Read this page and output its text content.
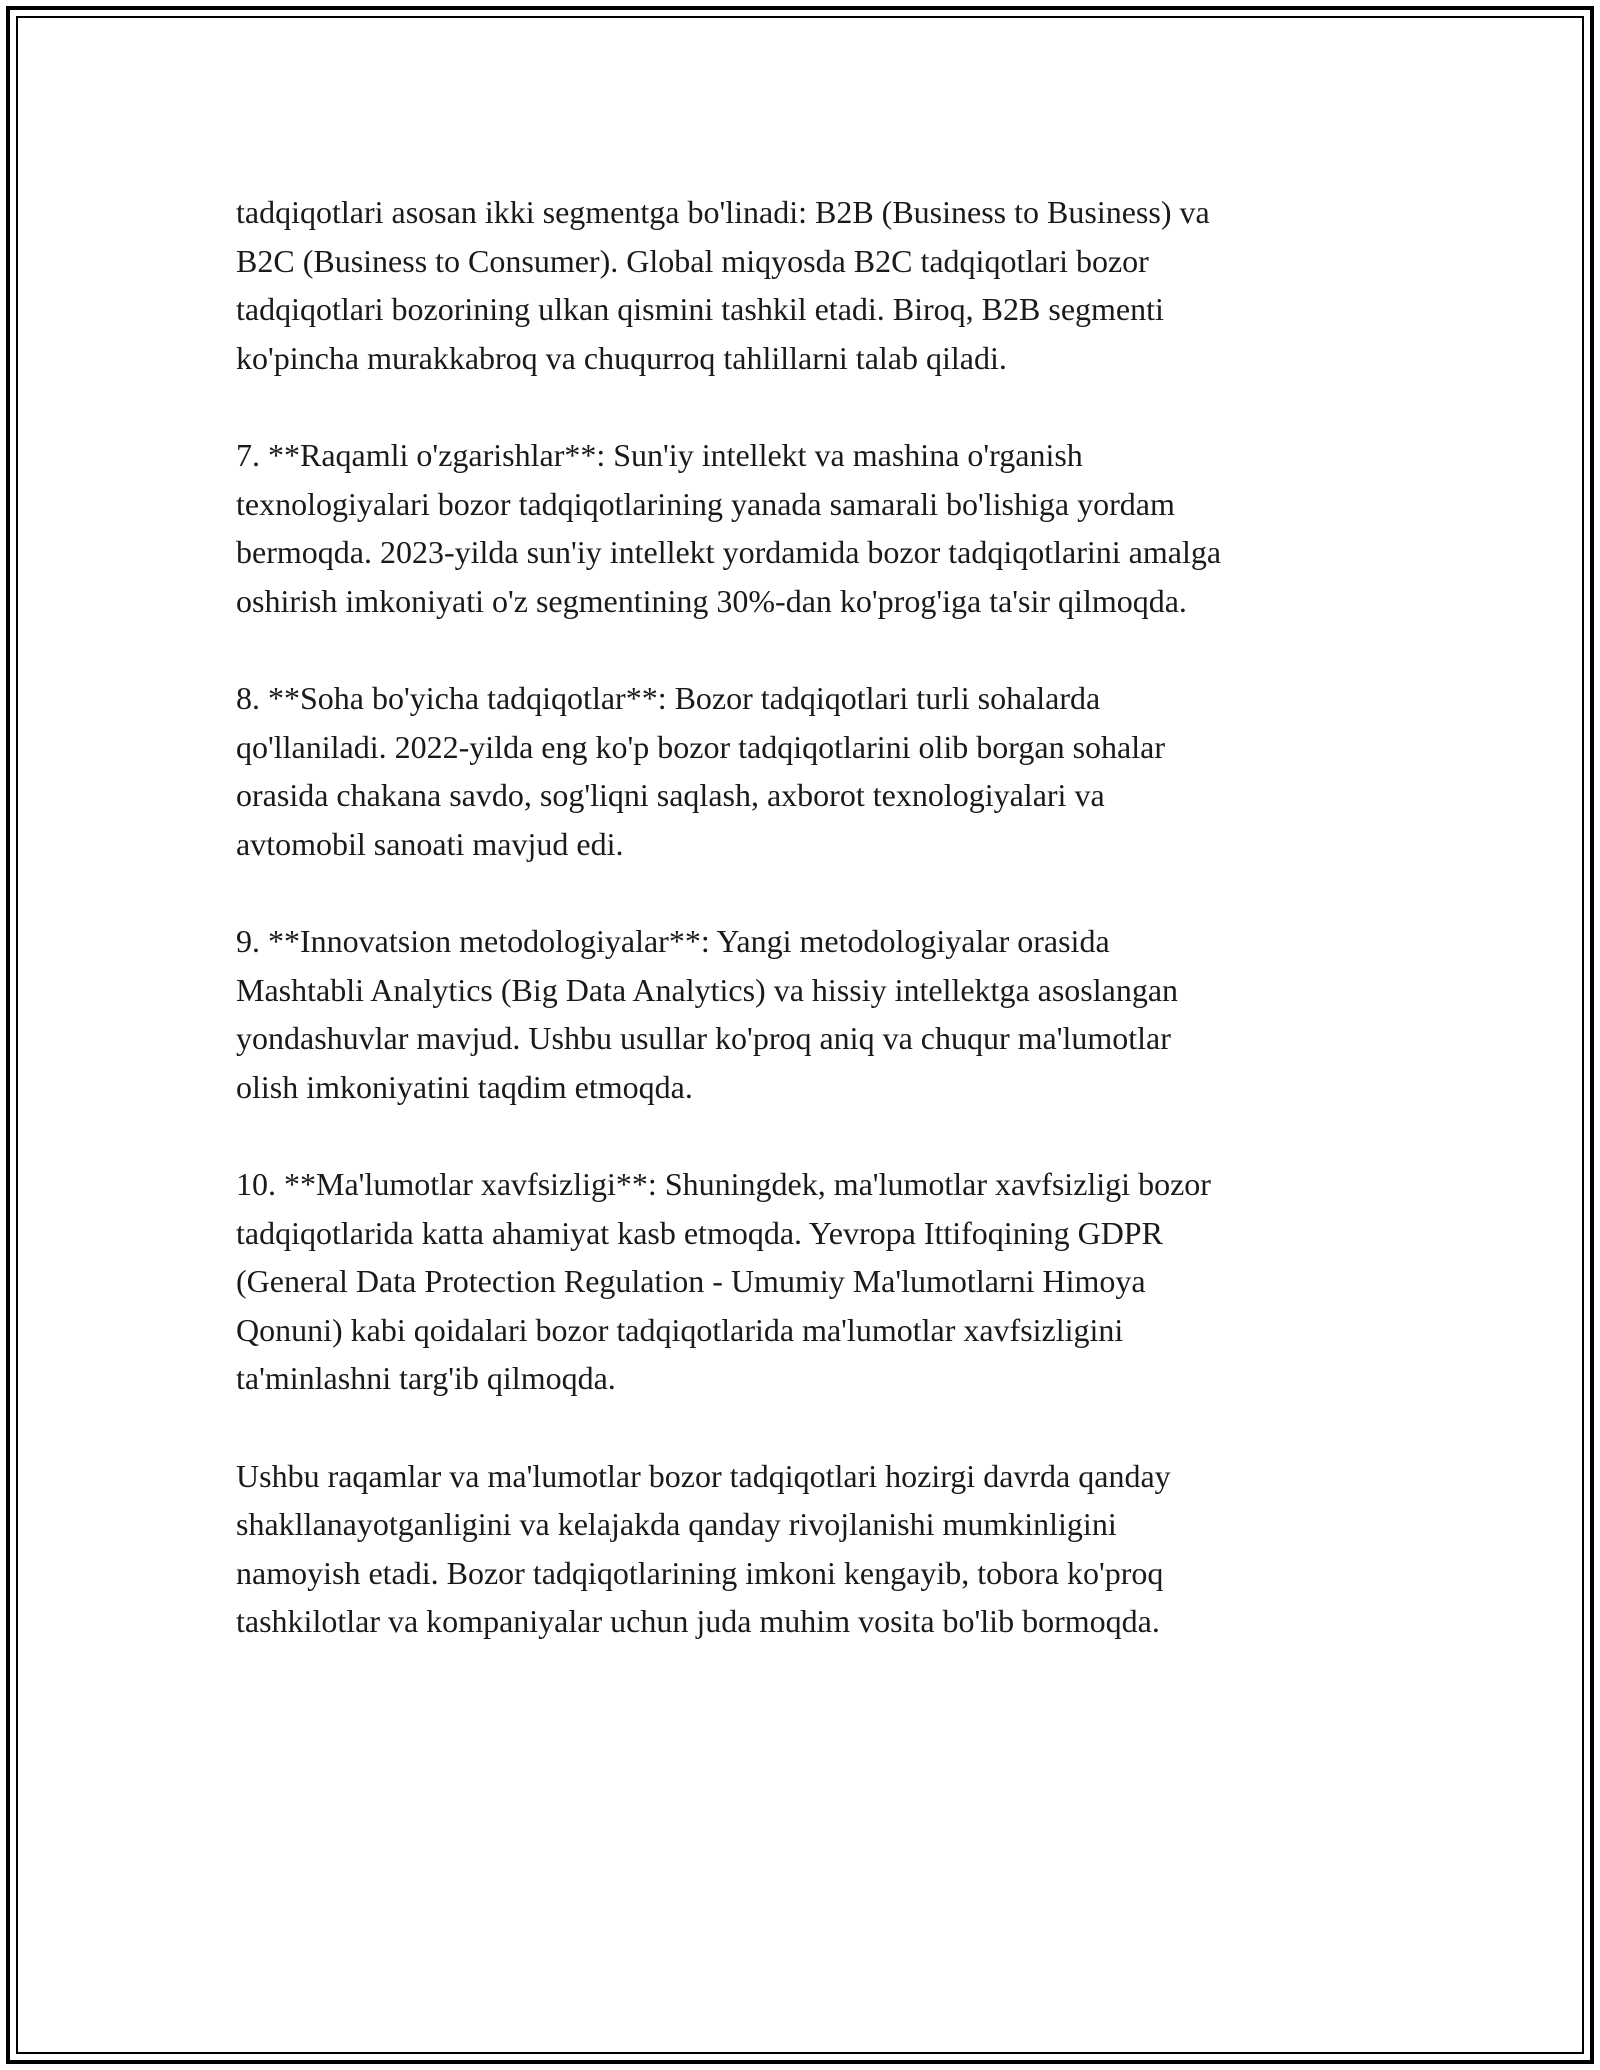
tadqiqotlari asosan ikki segmentga bo'linadi: B2B (Business to Business) va
B2C (Business to Consumer). Global miqyosda B2C tadqiqotlari bozor
tadqiqotlari bozorining ulkan qismini tashkil etadi. Biroq, B2B segmenti
ko'pincha murakkabroq va chuqurroq tahlillarni talab qiladi.

7. **Raqamli o'zgarishlar**: Sun'iy intellekt va mashina o'rganish
texnologiyalari bozor tadqiqotlarining yanada samarali bo'lishiga yordam
bermoqda. 2023-yilda sun'iy intellekt yordamida bozor tadqiqotlarini amalga
oshirish imkoniyati o'z segmentining 30%-dan ko'prog'iga ta'sir qilmoqda.

8. **Soha bo'yicha tadqiqotlar**: Bozor tadqiqotlari turli sohalarda
qo'llaniladi. 2022-yilda eng ko'p bozor tadqiqotlarini olib borgan sohalar
orasida chakana savdo, sog'liqni saqlash, axborot texnologiyalari va
avtomobil sanoati mavjud edi.

9. **Innovatsion metodologiyalar**: Yangi metodologiyalar orasida
Mashtabli Analytics (Big Data Analytics) va hissiy intellektga asoslangan
yondashuvlar mavjud. Ushbu usullar ko'proq aniq va chuqur ma'lumotlar
olish imkoniyatini taqdim etmoqda.

10. **Ma'lumotlar xavfsizligi**: Shuningdek, ma'lumotlar xavfsizligi bozor
tadqiqotlarida katta ahamiyat kasb etmoqda. Yevropa Ittifoqining GDPR
(General Data Protection Regulation - Umumiy Ma'lumotlarni Himoya
Qonuni) kabi qoidalari bozor tadqiqotlarida ma'lumotlar xavfsizligini
ta'minlashni targ'ib qilmoqda.

Ushbu raqamlar va ma'lumotlar bozor tadqiqotlari hozirgi davrda qanday
shakllanayotganligini va kelajakda qanday rivojlanishi mumkinligini
namoyish etadi. Bozor tadqiqotlarining imkoni kengayib, tobora ko'proq
tashkilotlar va kompaniyalar uchun juda muhim vosita bo'lib bormoqda.
